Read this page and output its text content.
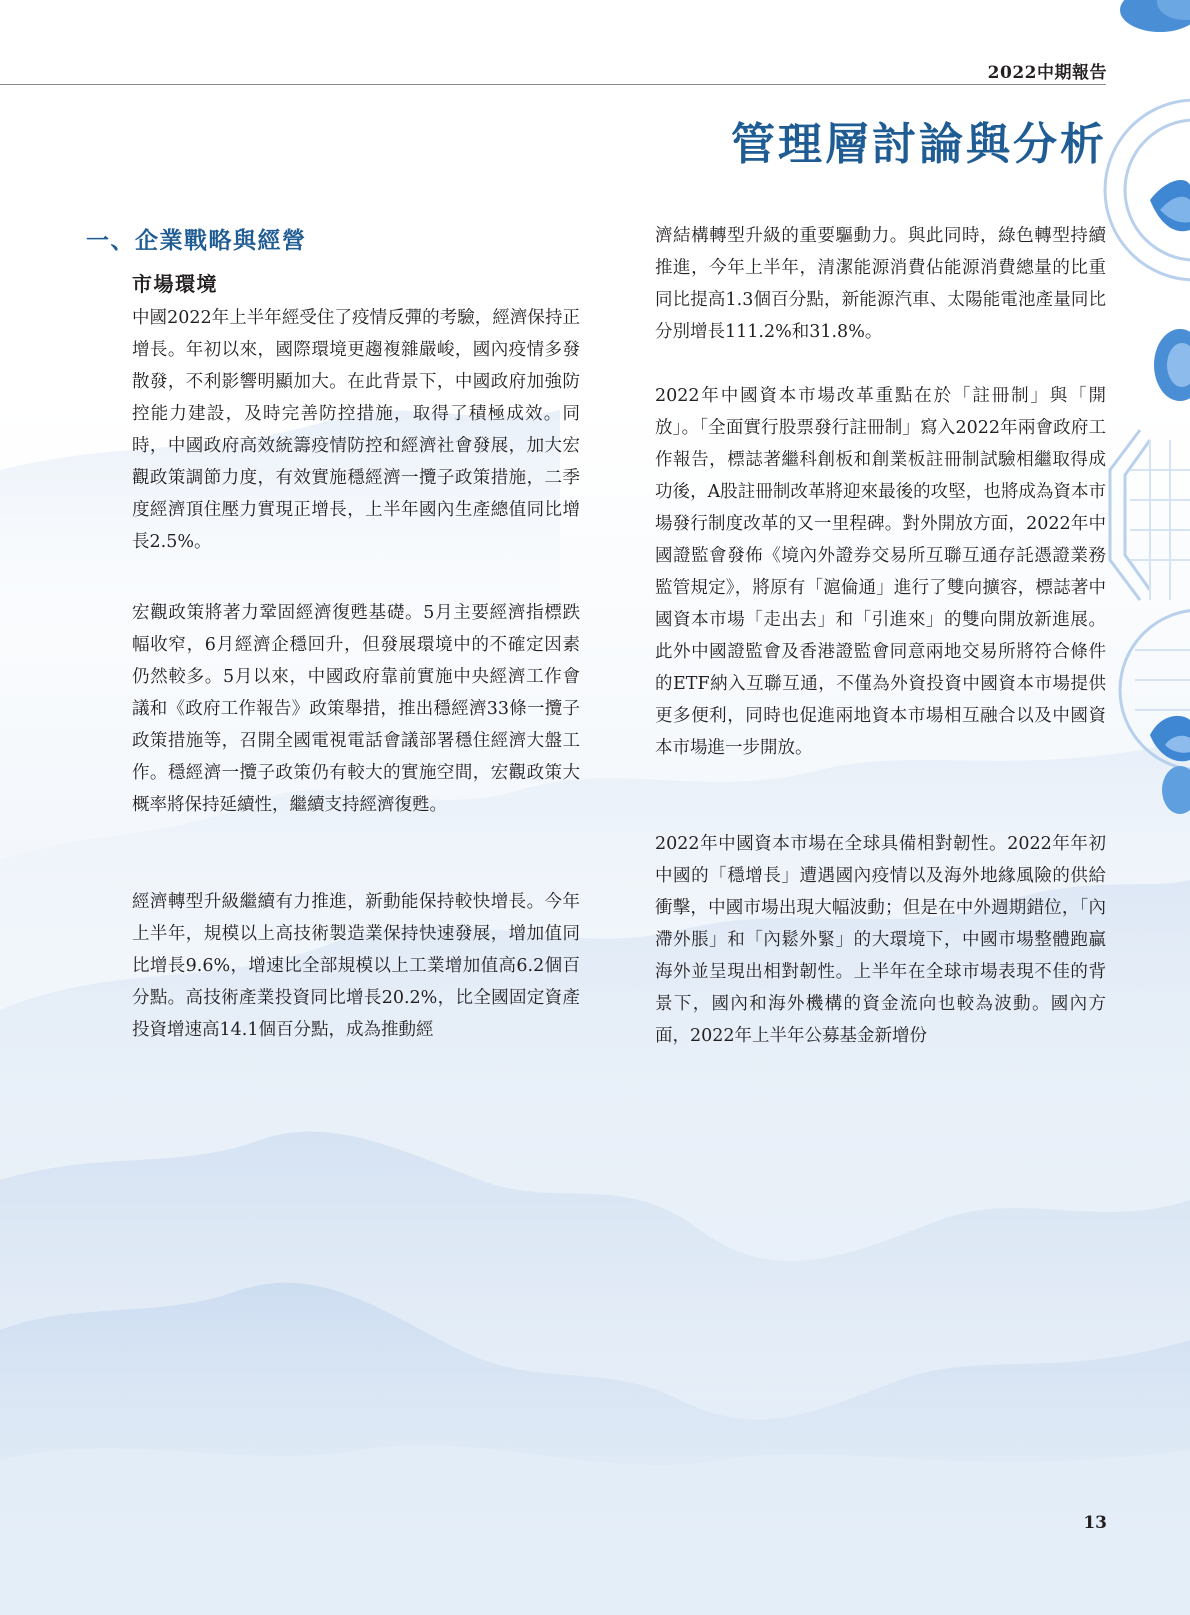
2022中期報告
管理層討論與分析
一、企業戰略與經營
市場環境

中國2022年上半年經受住了疫情反彈的考驗，經濟保持正增長。年初以來，國際環境更趨複雜嚴峻，國內疫情多發散發，不利影響明顯加大。在此背景下，中國政府加強防控能力建設，及時完善防控措施，取得了積極成效。同時，中國政府高效統籌疫情防控和經濟社會發展，加大宏觀政策調節力度，有效實施穩經濟一攬子政策措施，二季度經濟頂住壓力實現正增長，上半年國內生產總值同比增長2.5%。

宏觀政策將著力鞏固經濟復甦基礎。5月主要經濟指標跌幅收窄，6月經濟企穩回升，但發展環境中的不確定因素仍然較多。5月以來，中國政府靠前實施中央經濟工作會議和《政府工作報告》政策舉措，推出穩經濟33條一攬子政策措施等，召開全國電視電話會議部署穩住經濟大盤工作。穩經濟一攬子政策仍有較大的實施空間，宏觀政策大概率將保持延續性，繼續支持經濟復甦。

經濟轉型升級繼續有力推進，新動能保持較快增長。今年上半年，規模以上高技術製造業保持快速發展，增加值同比增長9.6%，增速比全部規模以上工業增加值高6.2個百分點。高技術產業投資同比增長20.2%，比全國固定資產投資增速高14.1個百分點，成為推動經

濟結構轉型升級的重要驅動力。與此同時，綠色轉型持續推進，今年上半年，清潔能源消費佔能源消費總量的比重同比提高1.3個百分點，新能源汽車、太陽能電池產量同比分別增長111.2%和31.8%。

2022年中國資本市場改革重點在於「註冊制」與「開放」。「全面實行股票發行註冊制」寫入2022年兩會政府工作報告，標誌著繼科創板和創業板註冊制試驗相繼取得成功後，A股註冊制改革將迎來最後的攻堅，也將成為資本市場發行制度改革的又一里程碑。對外開放方面，2022年中國證監會發佈《境內外證券交易所互聯互通存託憑證業務監管規定》，將原有「滬倫通」進行了雙向擴容，標誌著中國資本市場「走出去」和「引進來」的雙向開放新進展。此外中國證監會及香港證監會同意兩地交易所將符合條件的ETF納入互聯互通，不僅為外資投資中國資本市場提供更多便利，同時也促進兩地資本市場相互融合以及中國資本市場進一步開放。

2022年中國資本市場在全球具備相對韌性。2022年年初中國的「穩增長」遭遇國內疫情以及海外地緣風險的供給衝擊，中國市場出現大幅波動；但是在中外週期錯位，「內滯外脹」和「內鬆外緊」的大環境下，中國市場整體跑贏海外並呈現出相對韌性。上半年在全球市場表現不佳的背景下，國內和海外機構的資金流向也較為波動。國內方面，2022年上半年公募基金新增份

13
